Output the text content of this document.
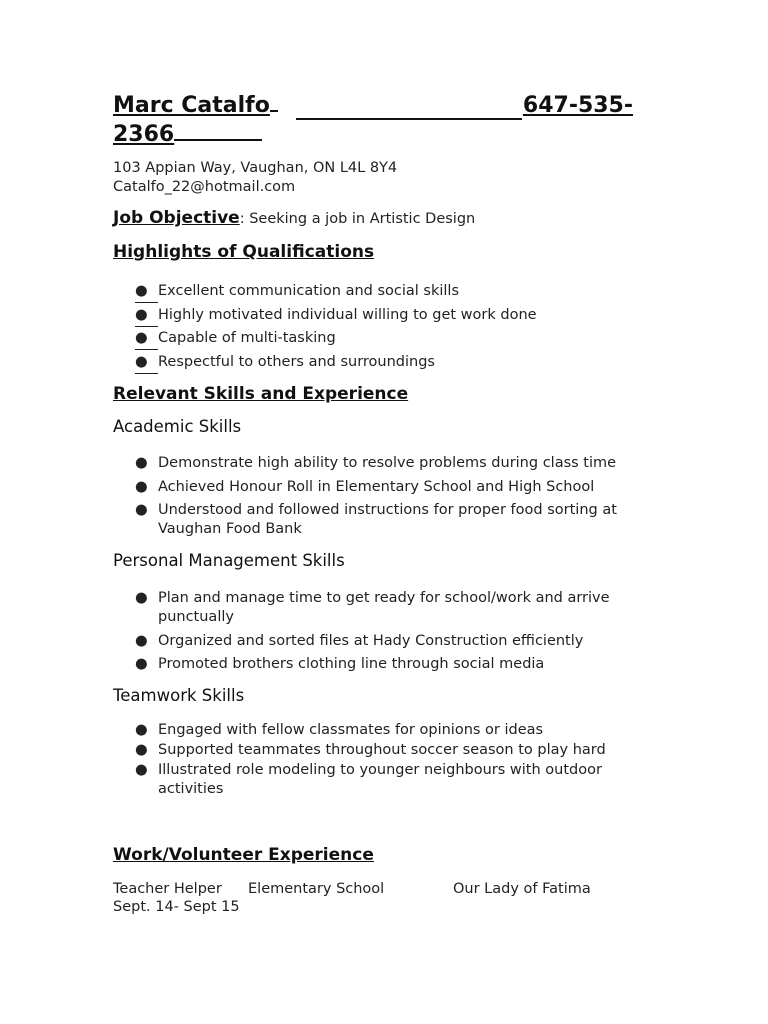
Marc Catalfo	647-535-
2366
103 Appian Way, Vaughan, ON L4L 8Y4
Catalfo_22@hotmail.com
Job Objective: Seeking a job in Artistic Design
Highlights of Qualifications
● Excellent communication and social skills
● Highly motivated individual willing to get work done
● Capable of multi-tasking
● Respectful to others and surroundings
Relevant Skills and Experience
Academic Skills
● Demonstrate high ability to resolve problems during class time
● Achieved Honour Roll in Elementary School and High School
● Understood and followed instructions for proper food sorting at Vaughan Food Bank
Personal Management Skills
● Plan and manage time to get ready for school/work and arrive punctually
● Organized and sorted files at Hady Construction efficiently
● Promoted brothers clothing line through social media
Teamwork Skills
● Engaged with fellow classmates for opinions or ideas
● Supported teammates throughout soccer season to play hard
● Illustrated role modeling to younger neighbours with outdoor activities
Work/Volunteer Experience
Teacher Helper Elementary School	Our Lady of Fatima
Sept. 14- Sept 15
